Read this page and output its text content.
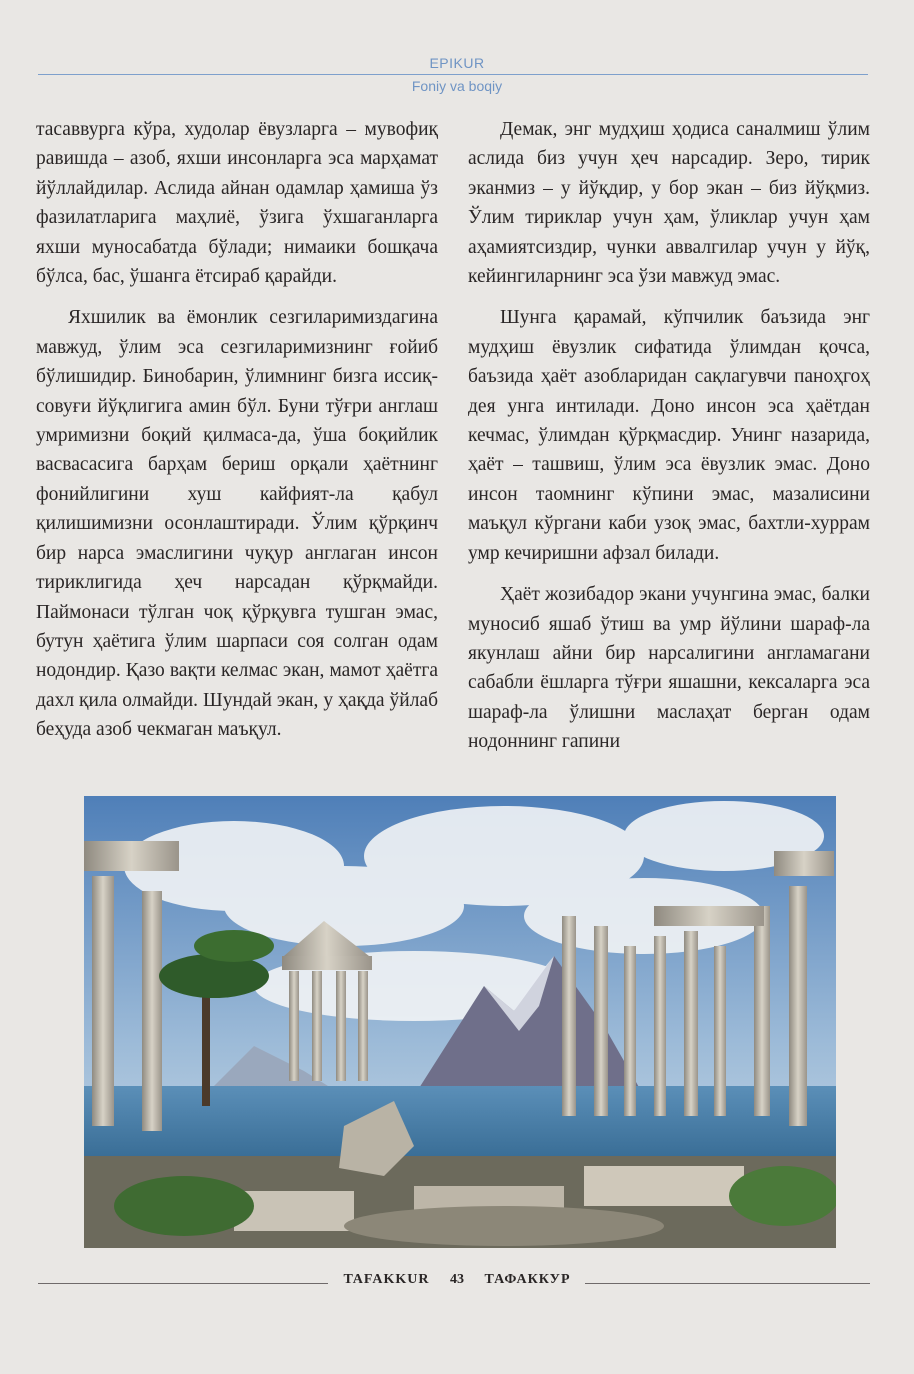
EPIKUR
Foniy va boqiy

тасаввурга кўра, худолар ёвузларга – мувофиқ равишда – азоб, яхши инсонларга эса марҳамат йўллайдилар. Аслида айнан одамлар ҳамиша ўз фазилатларига маҳлиё, ўзига ўхшаганларга яхши муносабатда бўлади; нимаики бошқача бўлса, бас, ўшанга ётсираб қарайди.

Яхшилик ва ёмонлик сезгиларимиздагина мавжуд, ўлим эса сезгиларимизнинг ғойиб бўлишидир. Бинобарин, ўлимнинг бизга иссиқ-совуғи йўқлигига амин бўл. Буни тўғри англаш умримизни боқий қилмаса-да, ўша боқийлик васвасасига барҳам бериш орқали ҳаётнинг фонийлигини хуш кайфият-ла қабул қилишимизни осонлаштиради. Ўлим қўрқинч бир нарса эмаслигини чуқур англаган инсон тириклигида ҳеч нарсадан қўрқмайди. Паймонаси тўлган чоқ қўрқувга тушган эмас, бутун ҳаётига ўлим шарпаси соя солган одам нодондир. Қазо вақти келмас экан, мамот ҳаётга дахл қила олмайди. Шундай экан, у ҳақда ўйлаб беҳуда азоб чекмаган маъқул.

Демак, энг мудҳиш ҳодиса саналмиш ўлим аслида биз учун ҳеч нарсадир. Зеро, тирик эканмиз – у йўқдир, у бор экан – биз йўқмиз. Ўлим тириклар учун ҳам, ўликлар учун ҳам аҳамиятсиздир, чунки аввалгилар учун у йўқ, кейингиларнинг эса ўзи мавжуд эмас.

Шунга қарамай, кўпчилик баъзида энг мудҳиш ёвузлик сифатида ўлимдан қочса, баъзида ҳаёт азобларидан сақлагувчи паноҳгоҳ дея унга интилади. Доно инсон эса ҳаётдан кечмас, ўлимдан қўрқмасдир. Унинг назарида, ҳаёт – ташвиш, ўлим эса ёвузлик эмас. Доно инсон таомнинг кўпини эмас, мазалисини маъқул кўргани каби узоқ эмас, бахтли-хуррам умр кечиришни афзал билади.

Ҳаёт жозибадор экани учунгина эмас, балки муносиб яшаб ўтиш ва умр йўлини шараф-ла якунлаш айни бир нарсалигини англамагани сабабли ёшларга тўғри яшашни, кексаларга эса шараф-ла ўлишни маслаҳат берган одам нодоннинг гапини

TAFAKKUR 43 ТАФАККУР
